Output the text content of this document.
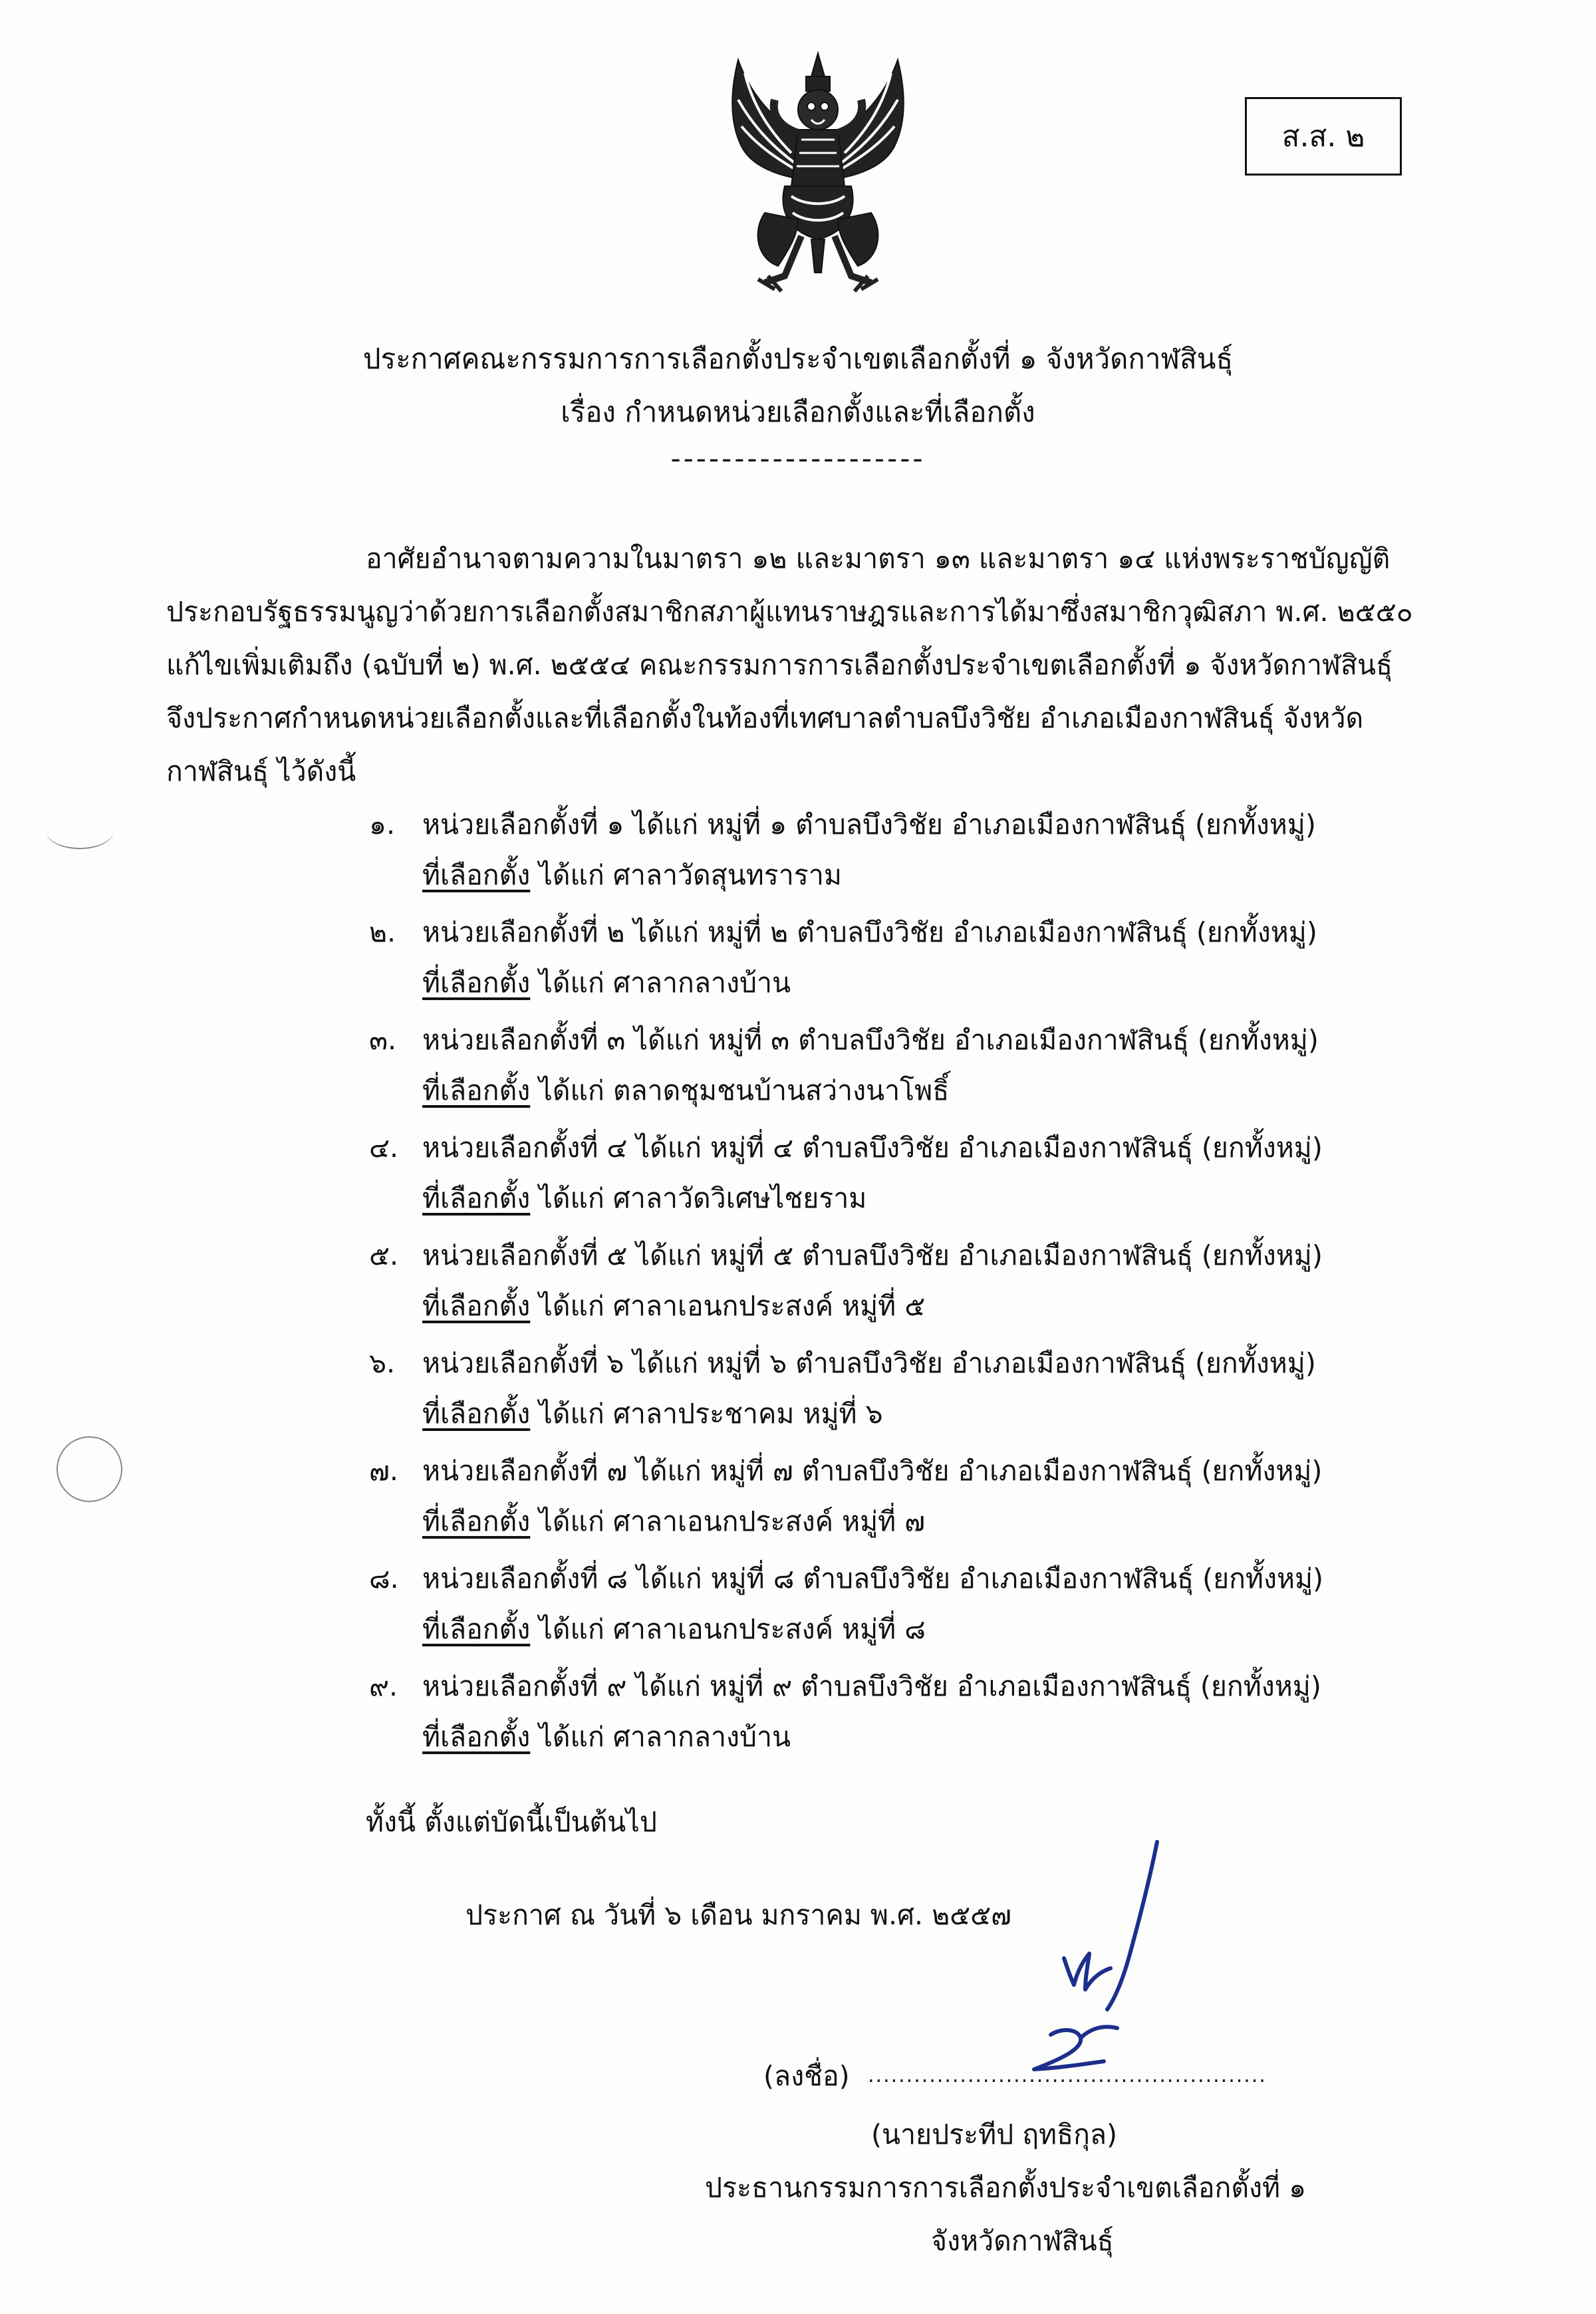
ส.ส. ๒
ประกาศคณะกรรมการการเลือกตั้งประจำเขตเลือกตั้งที่ ๑ จังหวัดกาฬสินธุ์
เรื่อง กำหนดหน่วยเลือกตั้งและที่เลือกตั้ง
--------------------
อาศัยอำนาจตามความในมาตรา ๑๒ และมาตรา ๑๓ และมาตรา ๑๔ แห่งพระราชบัญญัติ
ประกอบรัฐธรรมนูญว่าด้วยการเลือกตั้งสมาชิกสภาผู้แทนราษฎรและการได้มาซึ่งสมาชิกวุฒิสภา พ.ศ. ๒๕๕๐
แก้ไขเพิ่มเติมถึง (ฉบับที่ ๒) พ.ศ. ๒๕๕๔ คณะกรรมการการเลือกตั้งประจำเขตเลือกตั้งที่ ๑ จังหวัดกาฬสินธุ์
จึงประกาศกำหนดหน่วยเลือกตั้งและที่เลือกตั้งในท้องที่เทศบาลตำบลบึงวิชัย อำเภอเมืองกาฬสินธุ์ จังหวัด
กาฬสินธุ์ ไว้ดังนี้
๑. หน่วยเลือกตั้งที่ ๑ ได้แก่ หมู่ที่ ๑ ตำบลบึงวิชัย อำเภอเมืองกาฬสินธุ์ (ยกทั้งหมู่)
ที่เลือกตั้ง ได้แก่ ศาลาวัดสุนทราราม
๒. หน่วยเลือกตั้งที่ ๒ ได้แก่ หมู่ที่ ๒ ตำบลบึงวิชัย อำเภอเมืองกาฬสินธุ์ (ยกทั้งหมู่)
ที่เลือกตั้ง ได้แก่ ศาลากลางบ้าน
๓. หน่วยเลือกตั้งที่ ๓ ได้แก่ หมู่ที่ ๓ ตำบลบึงวิชัย อำเภอเมืองกาฬสินธุ์ (ยกทั้งหมู่)
ที่เลือกตั้ง ได้แก่ ตลาดชุมชนบ้านสว่างนาโพธิ์
๔. หน่วยเลือกตั้งที่ ๔ ได้แก่ หมู่ที่ ๔ ตำบลบึงวิชัย อำเภอเมืองกาฬสินธุ์ (ยกทั้งหมู่)
ที่เลือกตั้ง ได้แก่ ศาลาวัดวิเศษไชยราม
๕. หน่วยเลือกตั้งที่ ๕ ได้แก่ หมู่ที่ ๕ ตำบลบึงวิชัย อำเภอเมืองกาฬสินธุ์ (ยกทั้งหมู่)
ที่เลือกตั้ง ได้แก่ ศาลาเอนกประสงค์ หมู่ที่ ๕
๖. หน่วยเลือกตั้งที่ ๖ ได้แก่ หมู่ที่ ๖ ตำบลบึงวิชัย อำเภอเมืองกาฬสินธุ์ (ยกทั้งหมู่)
ที่เลือกตั้ง ได้แก่ ศาลาประชาคม หมู่ที่ ๖
๗. หน่วยเลือกตั้งที่ ๗ ได้แก่ หมู่ที่ ๗ ตำบลบึงวิชัย อำเภอเมืองกาฬสินธุ์ (ยกทั้งหมู่)
ที่เลือกตั้ง ได้แก่ ศาลาเอนกประสงค์ หมู่ที่ ๗
๘. หน่วยเลือกตั้งที่ ๘ ได้แก่ หมู่ที่ ๘ ตำบลบึงวิชัย อำเภอเมืองกาฬสินธุ์ (ยกทั้งหมู่)
ที่เลือกตั้ง ได้แก่ ศาลาเอนกประสงค์ หมู่ที่ ๘
๙. หน่วยเลือกตั้งที่ ๙ ได้แก่ หมู่ที่ ๙ ตำบลบึงวิชัย อำเภอเมืองกาฬสินธุ์ (ยกทั้งหมู่)
ที่เลือกตั้ง ได้แก่ ศาลากลางบ้าน
ทั้งนี้ ตั้งแต่บัดนี้เป็นต้นไป
ประกาศ ณ วันที่ ๖ เดือน มกราคม พ.ศ. ๒๕๕๗
(ลงชื่อ) ....................................................
(นายประทีป ฤทธิกุล)
ประธานกรรมการการเลือกตั้งประจำเขตเลือกตั้งที่ ๑
จังหวัดกาฬสินธุ์
